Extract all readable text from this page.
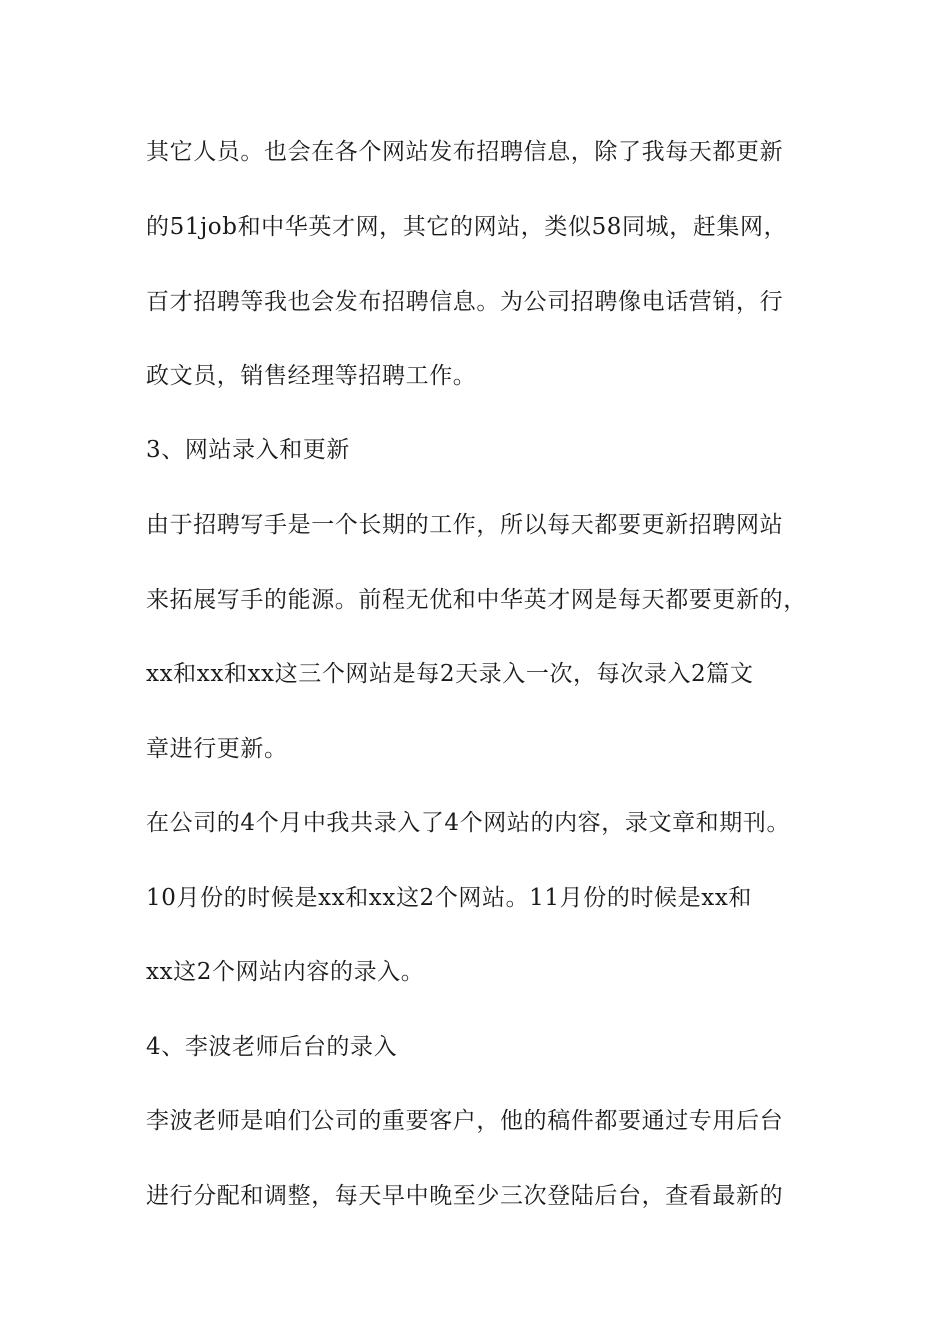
其它人员。也会在各个网站发布招聘信息，除了我每天都更新
的51job和中华英才网，其它的网站，类似58同城，赶集网，
百才招聘等我也会发布招聘信息。为公司招聘像电话营销，行
政文员，销售经理等招聘工作。
3、网站录入和更新
由于招聘写手是一个长期的工作，所以每天都要更新招聘网站
来拓展写手的能源。前程无优和中华英才网是每天都要更新的，
xx和xx和xx这三个网站是每2天录入一次，每次录入2篇文
章进行更新。
在公司的4个月中我共录入了4个网站的内容，录文章和期刊。
10月份的时候是xx和xx这2个网站。11月份的时候是xx和
xx这2个网站内容的录入。
4、李波老师后台的录入
李波老师是咱们公司的重要客户，他的稿件都要通过专用后台
进行分配和调整，每天早中晚至少三次登陆后台，查看最新的
